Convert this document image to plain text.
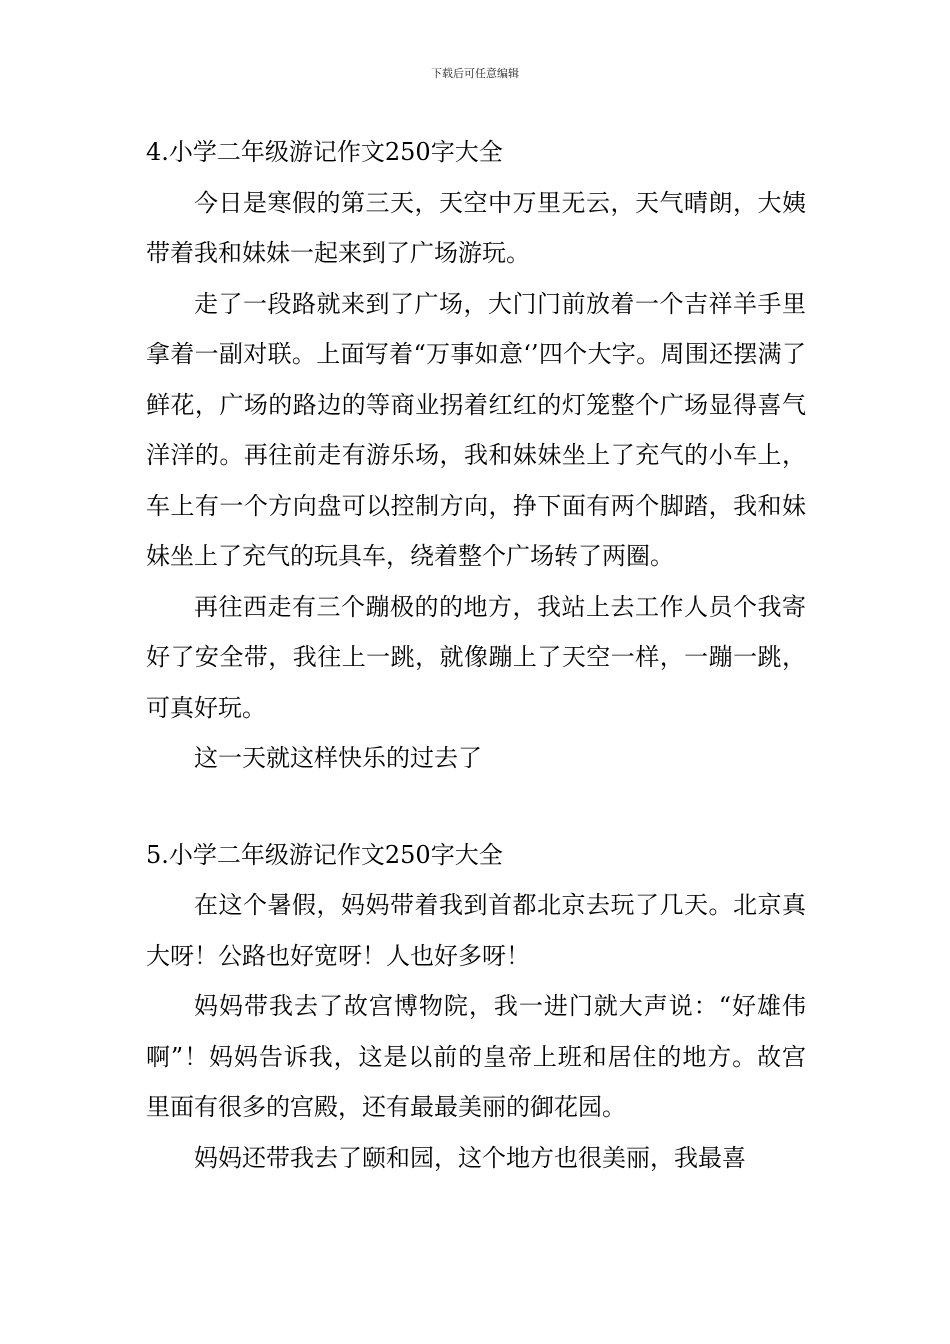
下载后可任意编辑
4.小学二年级游记作文250字大全

今日是寒假的第三天，天空中万里无云，天气晴朗，大姨带着我和妹妹一起来到了广场游玩。

走了一段路就来到了广场，大门门前放着一个吉祥羊手里拿着一副对联。上面写着“万事如意‘’四个大字。周围还摆满了鲜花，广场的路边的等商业拐着红红的灯笼整个广场显得喜气洋洋的。再往前走有游乐场，我和妹妹坐上了充气的小车上，车上有一个方向盘可以控制方向，挣下面有两个脚踏，我和妹妹坐上了充气的玩具车，绕着整个广场转了两圈。

再往西走有三个蹦极的的地方，我站上去工作人员个我寄好了安全带，我往上一跳，就像蹦上了天空一样，一蹦一跳，可真好玩。

这一天就这样快乐的过去了

5.小学二年级游记作文250字大全

在这个暑假，妈妈带着我到首都北京去玩了几天。北京真大呀！公路也好宽呀！人也好多呀！

妈妈带我去了故宫博物院，我一进门就大声说：“好雄伟啊”！妈妈告诉我，这是以前的皇帝上班和居住的地方。故宫里面有很多的宫殿，还有最最美丽的御花园。

妈妈还带我去了颐和园，这个地方也很美丽，我最喜
